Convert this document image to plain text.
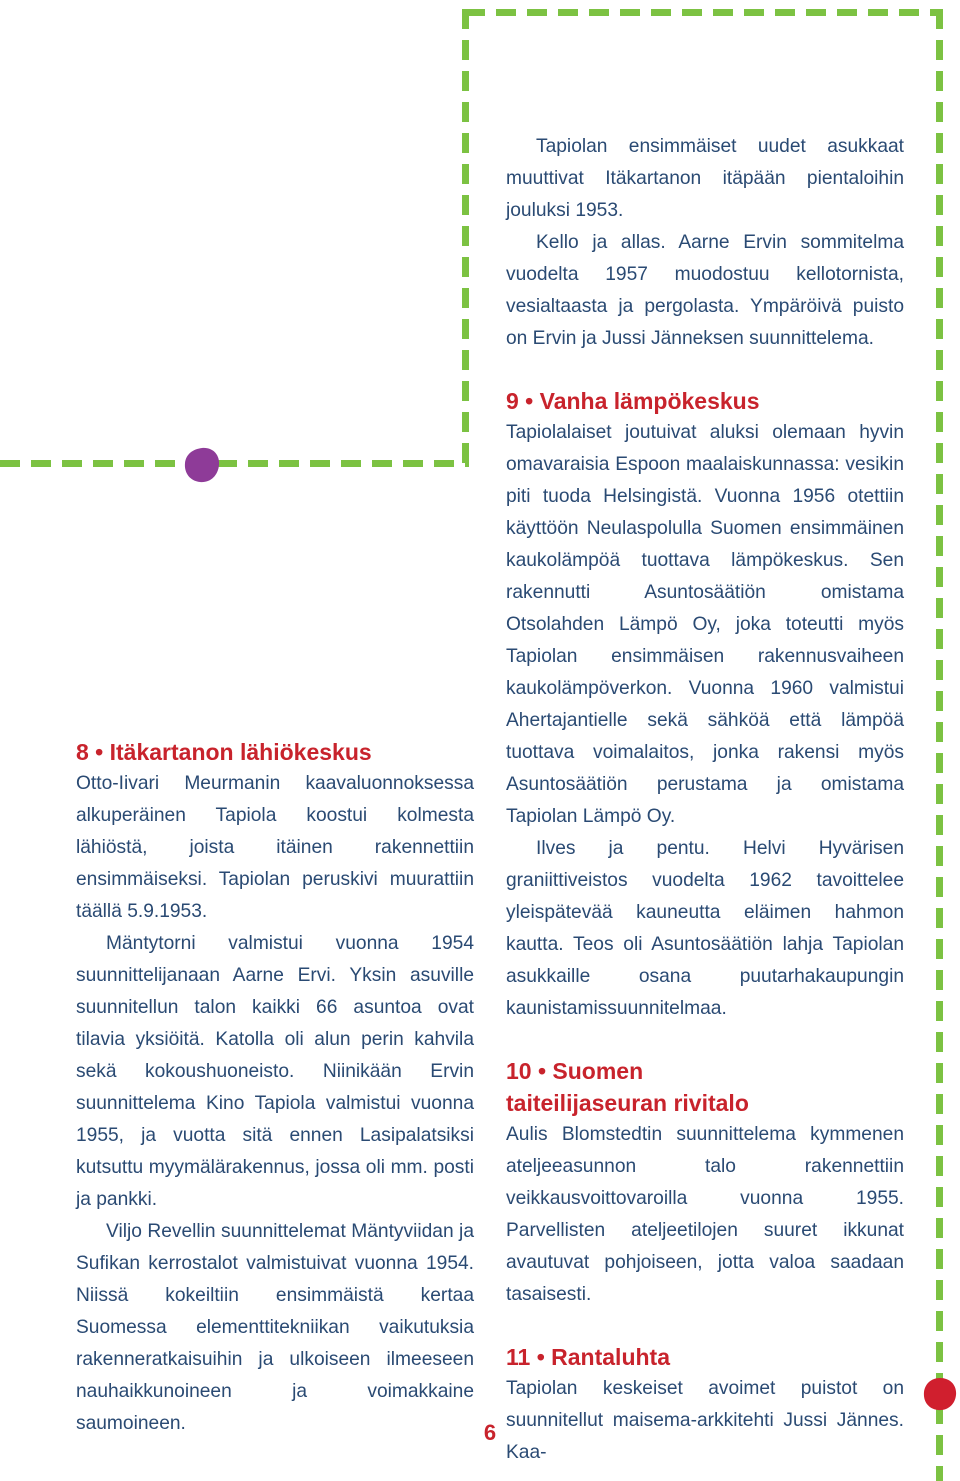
Tapiolan ensimmäiset uudet asukkaat muuttivat Itäkartanon itäpään pientaloihin jouluksi 1953.

Kello ja allas. Aarne Ervin sommitelma vuodelta 1957 muodostuu kellotornista, vesialtaasta ja pergolasta. Ympäröivä puisto on Ervin ja Jussi Jänneksen suunnittelema.

9 • Vanha lämpökeskus

Tapiolalaiset joutuivat aluksi olemaan hyvin omavaraisia Espoon maalaiskunnassa: vesikin piti tuoda Helsingistä. Vuonna 1956 otettiin käyttöön Neulaspolulla Suomen ensimmäinen kaukolämpöä tuottava lämpökeskus. Sen rakennutti Asuntosäätiön omistama Otsolahden Lämpö Oy, joka toteutti myös Tapiolan ensimmäisen rakennusvaiheen kaukolämpöverkon. Vuonna 1960 valmistui Ahertajantielle sekä sähköä että lämpöä tuottava voimalaitos, jonka rakensi myös Asuntosäätiön perustama ja omistama Tapiolan Lämpö Oy.

Ilves ja pentu. Helvi Hyvärisen graniittiveistos vuodelta 1962 tavoittelee yleispätevää kauneutta eläimen hahmon kautta. Teos oli Asuntosäätiön lahja Tapiolan asukkaille osana puutarhakaupungin kaunistamissuunnitelmaa.

10 • Suomen
taiteilijaseuran rivitalo

Aulis Blomstedtin suunnittelema kymmenen ateljeeasunnon talo rakennettiin veikkausvoittovaroilla vuonna 1955. Parvellisten ateljeetilojen suuret ikkunat avautuvat pohjoiseen, jotta valoa saadaan tasaisesti.

11 • Rantaluhta

Tapiolan keskeiset avoimet puistot on suunnitellut maisema-arkkitehti Jussi Jännes. Kaa-

8 • Itäkartanon lähiökeskus

Otto-Iivari Meurmanin kaavaluonnoksessa alkuperäinen Tapiola koostui kolmesta lähiöstä, joista itäinen rakennettiin ensimmäiseksi. Tapiolan peruskivi muurattiin täällä 5.9.1953.

Mäntytorni valmistui vuonna 1954 suunnittelijanaan Aarne Ervi. Yksin asuville suunnitellun talon kaikki 66 asuntoa ovat tilavia yksiöitä. Katolla oli alun perin kahvila sekä kokoushuoneisto. Niinikään Ervin suunnittelema Kino Tapiola valmistui vuonna 1955, ja vuotta sitä ennen Lasipalatsiksi kutsuttu myymälärakennus, jossa oli mm. posti ja pankki.

Viljo Revellin suunnittelemat Mäntyviidan ja Sufikan kerrostalot valmistuivat vuonna 1954. Niissä kokeiltiin ensimmäistä kertaa Suomessa elementtitekniikan vaikutuksia rakenneratkaisuihin ja ulkoiseen ilmeeseen nauhaikkunoineen ja voimakkaine saumoineen.	6
